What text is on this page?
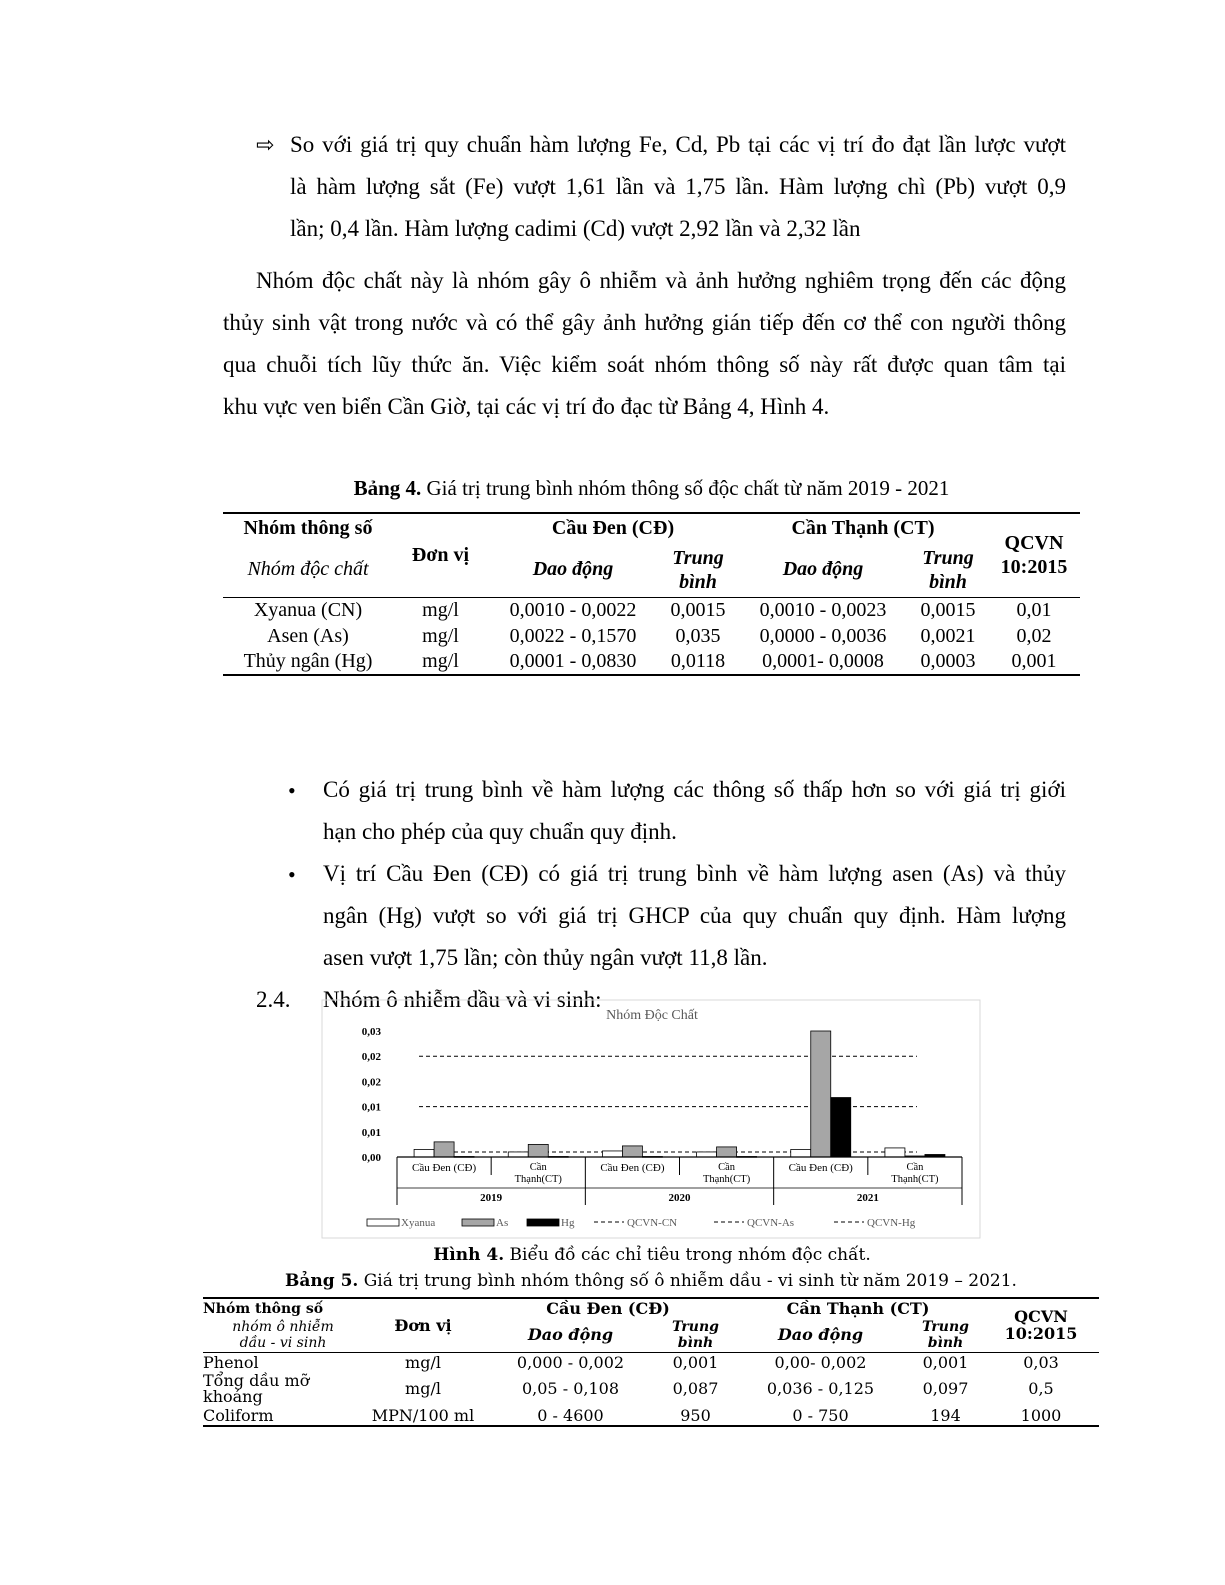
⇨ So với giá trị quy chuẩn hàm lượng Fe, Cd, Pb tại các vị trí đo đạt lần lược vượt
là hàm lượng sắt (Fe) vượt 1,61 lần và 1,75 lần. Hàm lượng chì (Pb) vượt 0,9
lần; 0,4 lần. Hàm lượng cadimi (Cd) vượt 2,92 lần và 2,32 lần
Nhóm độc chất này là nhóm gây ô nhiễm và ảnh hưởng nghiêm trọng đến các động
thủy sinh vật trong nước và có thể gây ảnh hưởng gián tiếp đến cơ thể con người thông
qua chuỗi tích lũy thức ăn. Việc kiểm soát nhóm thông số này rất được quan tâm tại
khu vực ven biển Cần Giờ, tại các vị trí đo đạc từ Bảng 4, Hình 4.
Bảng 4. Giá trị trung bình nhóm thông số độc chất từ năm 2019 - 2021
Nhóm thông số	Đơn vị	Cầu Đen (CĐ)		Cần Thạnh (CT)		QCVN 10:2015
Nhóm độc chất		Dao động	Trung bình	Dao động	Trung bình	
Xyanua (CN)	mg/l	0,0010 - 0,0022	0,0015	0,0010 - 0,0023	0,0015	0,01
Asen (As)	mg/l	0,0022 - 0,1570	0,035	0,0000 - 0,0036	0,0021	0,02
Thủy ngân (Hg)	mg/l	0,0001 - 0,0830	0,0118	0,0001- 0,0008	0,0003	0,001
• Có giá trị trung bình về hàm lượng các thông số thấp hơn so với giá trị giới
hạn cho phép của quy chuẩn quy định.
• Vị trí Cầu Đen (CĐ) có giá trị trung bình về hàm lượng asen (As) và thủy
ngân (Hg) vượt so với giá trị GHCP của quy chuẩn quy định. Hàm lượng
asen vượt 1,75 lần; còn thủy ngân vượt 11,8 lần.
2.4. Nhóm ô nhiễm dầu và vi sinh:
Nhóm Độc Chất
0,00
0,01
0,01
0,02
0,02
0,03
Cầu Đen (CĐ)	Cần
Thạnh(CT)
Cầu Đen (CĐ)	Cần
Thạnh(CT)
Cầu Đen (CĐ)	Cần
Thạnh(CT)
2019	2020	2021
Xyanua	As	Hg	QCVN-CN	QCVN-As	QCVN-Hg
Hình 4. Biểu đồ các chỉ tiêu trong nhóm độc chất.
Bảng 5. Giá trị trung bình nhóm thông số ô nhiễm dầu - vi sinh từ năm 2019 – 2021.
Nhóm thông số	Đơn vị	Cầu Đen (CĐ)		Cần Thạnh (CT)		QCVN 10:2015

nhóm ô nhiễm
dầu - vi sinh		Dao động	Trung bình	Dao động	Trung bình	
Phenol	mg/l	0,000 - 0,002	0,001	0,00- 0,002	0,001	0,03
Tổng dầu mỡ khoáng	mg/l	0,05 - 0,108	0,087	0,036 - 0,125	0,097	0,5
Coliform	MPN/100 ml	0 - 4600	950	0 - 750	194	1000
